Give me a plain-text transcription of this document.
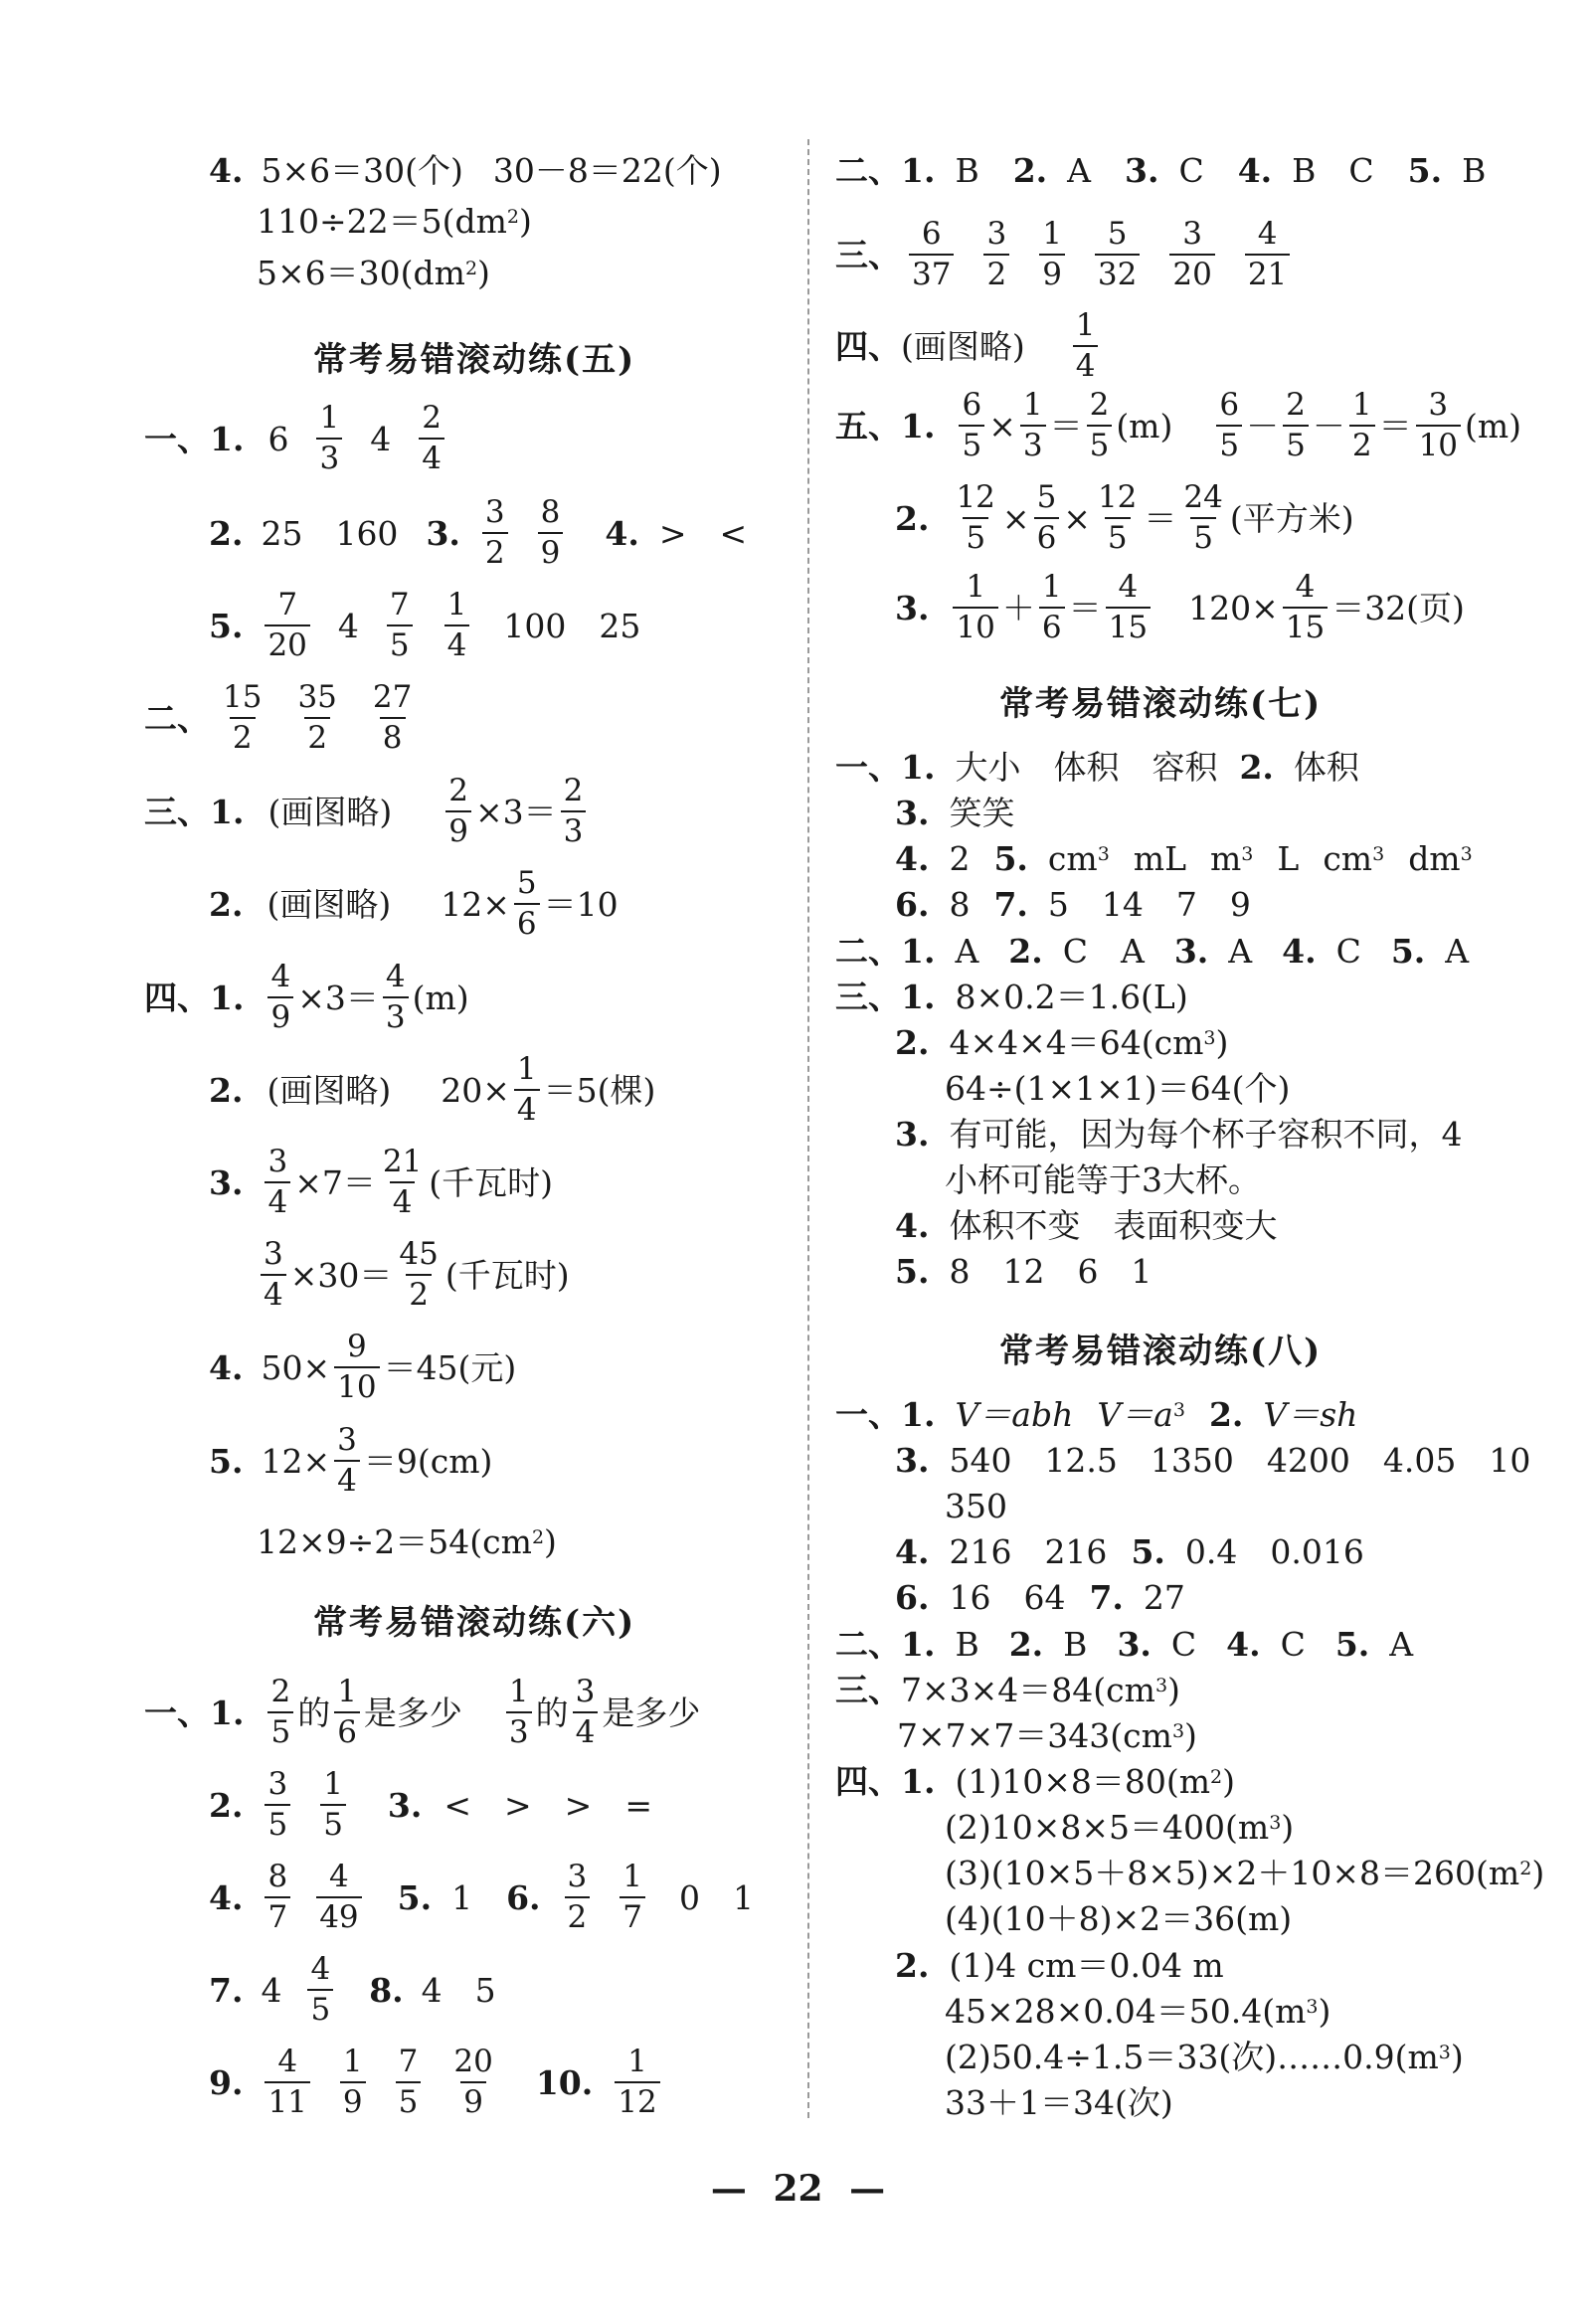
4. 5×6＝30(个) 30－8＝22(个)
$110\div 22=5(dm^2$ )
$5\times 6=30(dm^2$ )
常考易错滚动练(五)
一、1. $6 \frac{1}{3} 4 \frac{2}{4}$
2. 25　160 3. $\frac{3}{2} \frac{8}{9} 4$. >　<
5. $\frac{7}{20} 4 \frac{7}{5} \frac{1}{4} 100$　25
二、 $\frac{15}{2} \frac{35}{2} \frac{27}{8}$
三、1. (画图略) $\frac{2}{9} \times 3= \frac{2}{3}$
2. (画图略) $12\times \frac{5}{6} =10$
四、1. $\frac{4}{9} \times 3= \frac{4}{3} (m)$
2. (画图略) $20\times \frac{1}{4} =5$(棵)
3. $\frac{3}{4} \times 7= \frac{21}{4}$ (千瓦时)
$\frac{3}{4} \times 30= \frac{45}{2}$ (千瓦时)
4. $50\times \frac{9}{10} =45$(元)
5. $12\times \frac{3}{4} =9(cm)$
$12\times 9\div 2=54(cm^2$ )
常考易错滚动练(六)
一、1. $\frac{2}{5}$ 的 $\frac{1}{6}$ 是多少 $\frac{1}{3}$ 的 $\frac{3}{4}$ 是多少
2. $\frac{3}{5} \frac{1}{5} 3$. <　>　>　=
4. $\frac{8}{7} \frac{4}{49} 5$. 1 6. $\frac{3}{2} \frac{1}{7} 0$　1
7. $4 \frac{4}{5} 8$. 4　5
9. $\frac{4}{11} \frac{1}{9} \frac{7}{5} \frac{20}{9} 10$. $\frac{1}{12}$
二、1. B 2. A 3. C 4. B　C 5. B
三、 $\frac{6}{37} \frac{3}{2} \frac{1}{9} \frac{5}{32} \frac{3}{20} \frac{4}{21}$
四、 (画图略) $\frac{1}{4}$
五、1. $\frac{6}{5} \times \frac{1}{3} = \frac{2}{5} (m) \frac{6}{5} - \frac{2}{5} - \frac{1}{2} = \frac{3}{10} (m)$
2. $\frac{12}{5} \times \frac{5}{6} \times \frac{12}{5} = \frac{24}{5}$ (平方米)
3. $\frac{1}{10} + \frac{1}{6} = \frac{4}{15} 120\times \frac{4}{15} =32$(页)
常考易错滚动练(七)
一、1. 大小　体积　容积 2. 体积
3. 笑笑
4. 2 5. $cm^3$ mL $m^3$ L $cm^3$ $dm^3$
6. 8 7. 5　14　7　9
二、1. A 2. C　A 3. A 4. C 5. A
三、1. 8×0.2＝1.6(L)
2. $4\times 4\times 4=64(cm^3$ )
64÷(1×1×1)＝64(个)
3. 有可能，因为每个杯子容积不同，4
小杯可能等于3大杯。
4. 体积不变　表面积变大
5. 8　12　6　1
常考易错滚动练(八)
一、1. V＝abh $V=a^3$ 2. V＝sh
3. 540　12.5　1350　4200　4.05　10
350
4. 216　216 5. 0.4　0.016
6. 16　64 7. 27
二、1. B 2. B 3. C 4. C 5. A
三、 $7\times 3\times 4=84(cm^3$ )
$7\times 7\times 7=343(cm^3$ )
四、1. $(1)10\times 8=80(m^2$ )
$(2)10\times 8\times 5=400(m^3$ )
$(3)(10\times 5+8\times 5)\times 2+10\times 8=260(m^2$ )
(4)(10＋8)×2＝36(m)
2. (1)4 cm＝0.04 m
$45\times 28\times 0.04=50.4(m^3$ )
(2)50.4÷1.5＝33(次)$\dots\dots 0.9(m^3$ )
33＋1＝34(次)
— 22 —
